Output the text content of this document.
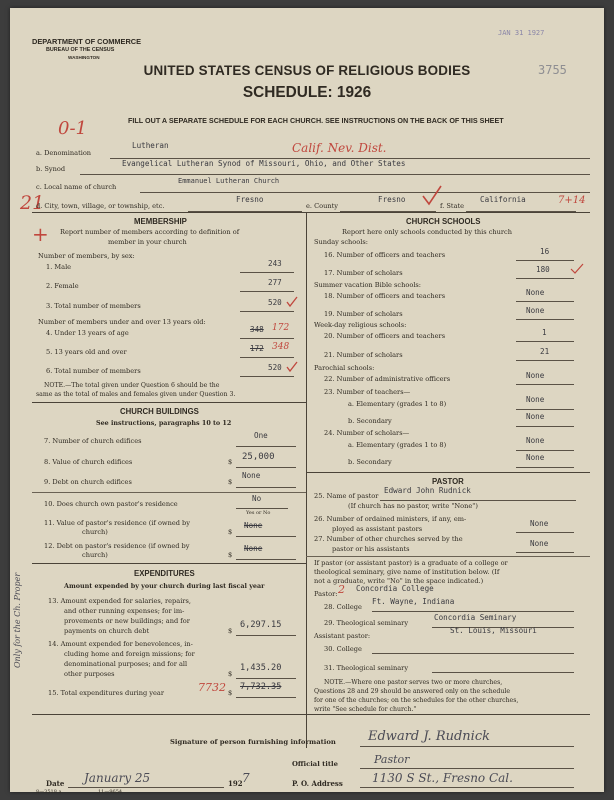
DEPARTMENT OF COMMERCE
BUREAU OF THE CENSUS
WASHINGTON
JAN 31 1927
3755
UNITED STATES CENSUS OF RELIGIOUS BODIES
SCHEDULE: 1926
FILL OUT A SEPARATE SCHEDULE FOR EACH CHURCH. SEE INSTRUCTIONS ON THE BACK OF THIS SHEET
0-1
21
+
a. Denomination
Lutheran	Calif. Nev. Dist.
b. Synod
Evangelical Lutheran Synod of Missouri, Ohio, and Other States
c. Local name of church
Emmanuel Lutheran Church
d. City, town, village, or township, etc.
Fresno
e. County
Fresno
f. State
California	7+14
MEMBERSHIP
Report number of members according to definition of
member in your church
Number of members, by sex:
1. Male	243
2. Female	277
3. Total number of members	520
Number of members under and over 13 years old:
4. Under 13 years of age	348 172
5. 13 years old and over	172 348
6. Total number of members	520
NOTE.—The total given under Question 6 should be the
same as the total of males and females given under Question 3.
CHURCH BUILDINGS
See instructions, paragraphs 10 to 12
7. Number of church edifices
One
8. Value of church edifices	$ 25,000
9. Debt on church edifices	$
None
10. Does church own pastor's residence
No
Yes or No
11. Value of pastor's residence (if owned by
church)	$
None
12. Debt on pastor's residence (if owned by
church)	$
None
EXPENDITURES
Amount expended by your church during last fiscal year
13. Amount expended for salaries, repairs,
and other running expenses; for im-
provements or new buildings; and for
payments on church debt	$
6,297.15
14. Amount expended for benevolences, in-
cluding home and foreign missions; for
denominational purposes; and for all
other purposes	$
1,435.20
15. Total expenditures during year	7732 $
7,732.35
Only for the Ch. Proper
CHURCH SCHOOLS
Report here only schools conducted by this church
Sunday schools:
16. Number of officers and teachers	16
17. Number of scholars	180
Summer vacation Bible schools:
18. Number of officers and teachers	None
19. Number of scholars	None
Week-day religious schools:
20. Number of officers and teachers	1
21. Number of scholars	21
Parochial schools:
22. Number of administrative officers	None
23. Number of teachers—
a. Elementary (grades 1 to 8)	None
b. Secondary	None
24. Number of scholars—
a. Elementary (grades 1 to 8)	None
b. Secondary	None
PASTOR
25. Name of pastor
Edward John Rudnick
(If church has no pastor, write "None")
26. Number of ordained ministers, if any, em-
ployed as assistant pastors
None
27. Number of other churches served by the
pastor or his assistants
None
If pastor (or assistant pastor) is a graduate of a college or
theological seminary, give name of institution below. (If
not a graduate, write "No" in the space indicated.)
Pastor: 2 Concordia College
28. College
Ft. Wayne, Indiana
29. Theological seminary
Concordia Seminary
Assistant pastor:
St. Louis, Missouri
30. College
31. Theological seminary
NOTE.—Where one pastor serves two or more churches,
Questions 28 and 29 should be answered only on the schedule
for one of the churches; on the schedules for the other churches,
write "See schedule for church."
Signature of person furnishing information Edward J. Rudnick
Official title	Pastor
Date January 25	192 7	P. O. Address 1130 S St., Fresno Cal.
8—3518 a	11—9654
